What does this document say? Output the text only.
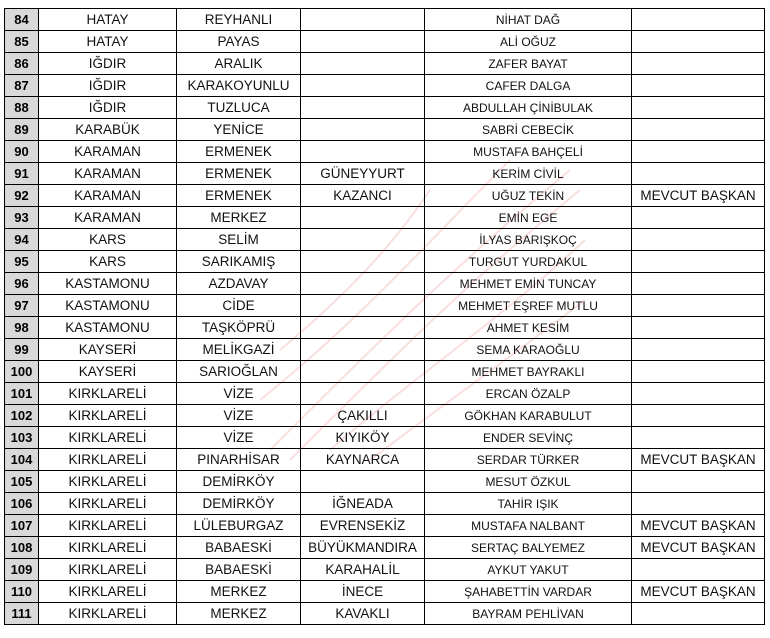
84	HATAY	REYHANLI		NİHAT DAĞ	
85	HATAY	PAYAS		ALİ OĞUZ	
86	IĞDIR	ARALIK		ZAFER BAYAT	
87	IĞDIR	KARAKOYUNLU		CAFER DALGA	
88	IĞDIR	TUZLUCA		ABDULLAH ÇİNİBULAK	
89	KARABÜK	YENİCE		SABRİ CEBECİK	
90	KARAMAN	ERMENEK		MUSTAFA BAHÇELİ	
91	KARAMAN	ERMENEK	GÜNEYYURT	KERİM CİVİL	
92	KARAMAN	ERMENEK	KAZANCI	UĞUZ TEKİN	MEVCUT BAŞKAN
93	KARAMAN	MERKEZ		EMİN EGE	
94	KARS	SELİM		İLYAS BARIŞKOÇ	
95	KARS	SARIKAMIŞ		TURGUT YURDAKUL	
96	KASTAMONU	AZDAVAY		MEHMET EMİN TUNCAY	
97	KASTAMONU	CİDE		MEHMET EŞREF MUTLU	
98	KASTAMONU	TAŞKÖPRÜ		AHMET KESİM	
99	KAYSERİ	MELİKGAZİ		SEMA KARAOĞLU	
100	KAYSERİ	SARIOĞLAN		MEHMET BAYRAKLI	
101	KIRKLARELİ	VİZE		ERCAN ÖZALP	
102	KIRKLARELİ	VİZE	ÇAKILLI	GÖKHAN KARABULUT	
103	KIRKLARELİ	VİZE	KIYIKÖY	ENDER SEVİNÇ	
104	KIRKLARELİ	PINARHİSAR	KAYNARCA	SERDAR TÜRKER	MEVCUT BAŞKAN
105	KIRKLARELİ	DEMİRKÖY		MESUT ÖZKUL	
106	KIRKLARELİ	DEMİRKÖY	İĞNEADA	TAHİR IŞIK	
107	KIRKLARELİ	LÜLEBURGAZ	EVRENSEKİZ	MUSTAFA NALBANT	MEVCUT BAŞKAN
108	KIRKLARELİ	BABAESKİ	BÜYÜKMANDIRA	SERTAÇ BALYEMEZ	MEVCUT BAŞKAN
109	KIRKLARELİ	BABAESKİ	KARAHALİL	AYKUT YAKUT	
110	KIRKLARELİ	MERKEZ	İNECE	ŞAHABETTİN VARDAR	MEVCUT BAŞKAN
111	KIRKLARELİ	MERKEZ	KAVAKLI	BAYRAM PEHLİVAN	
